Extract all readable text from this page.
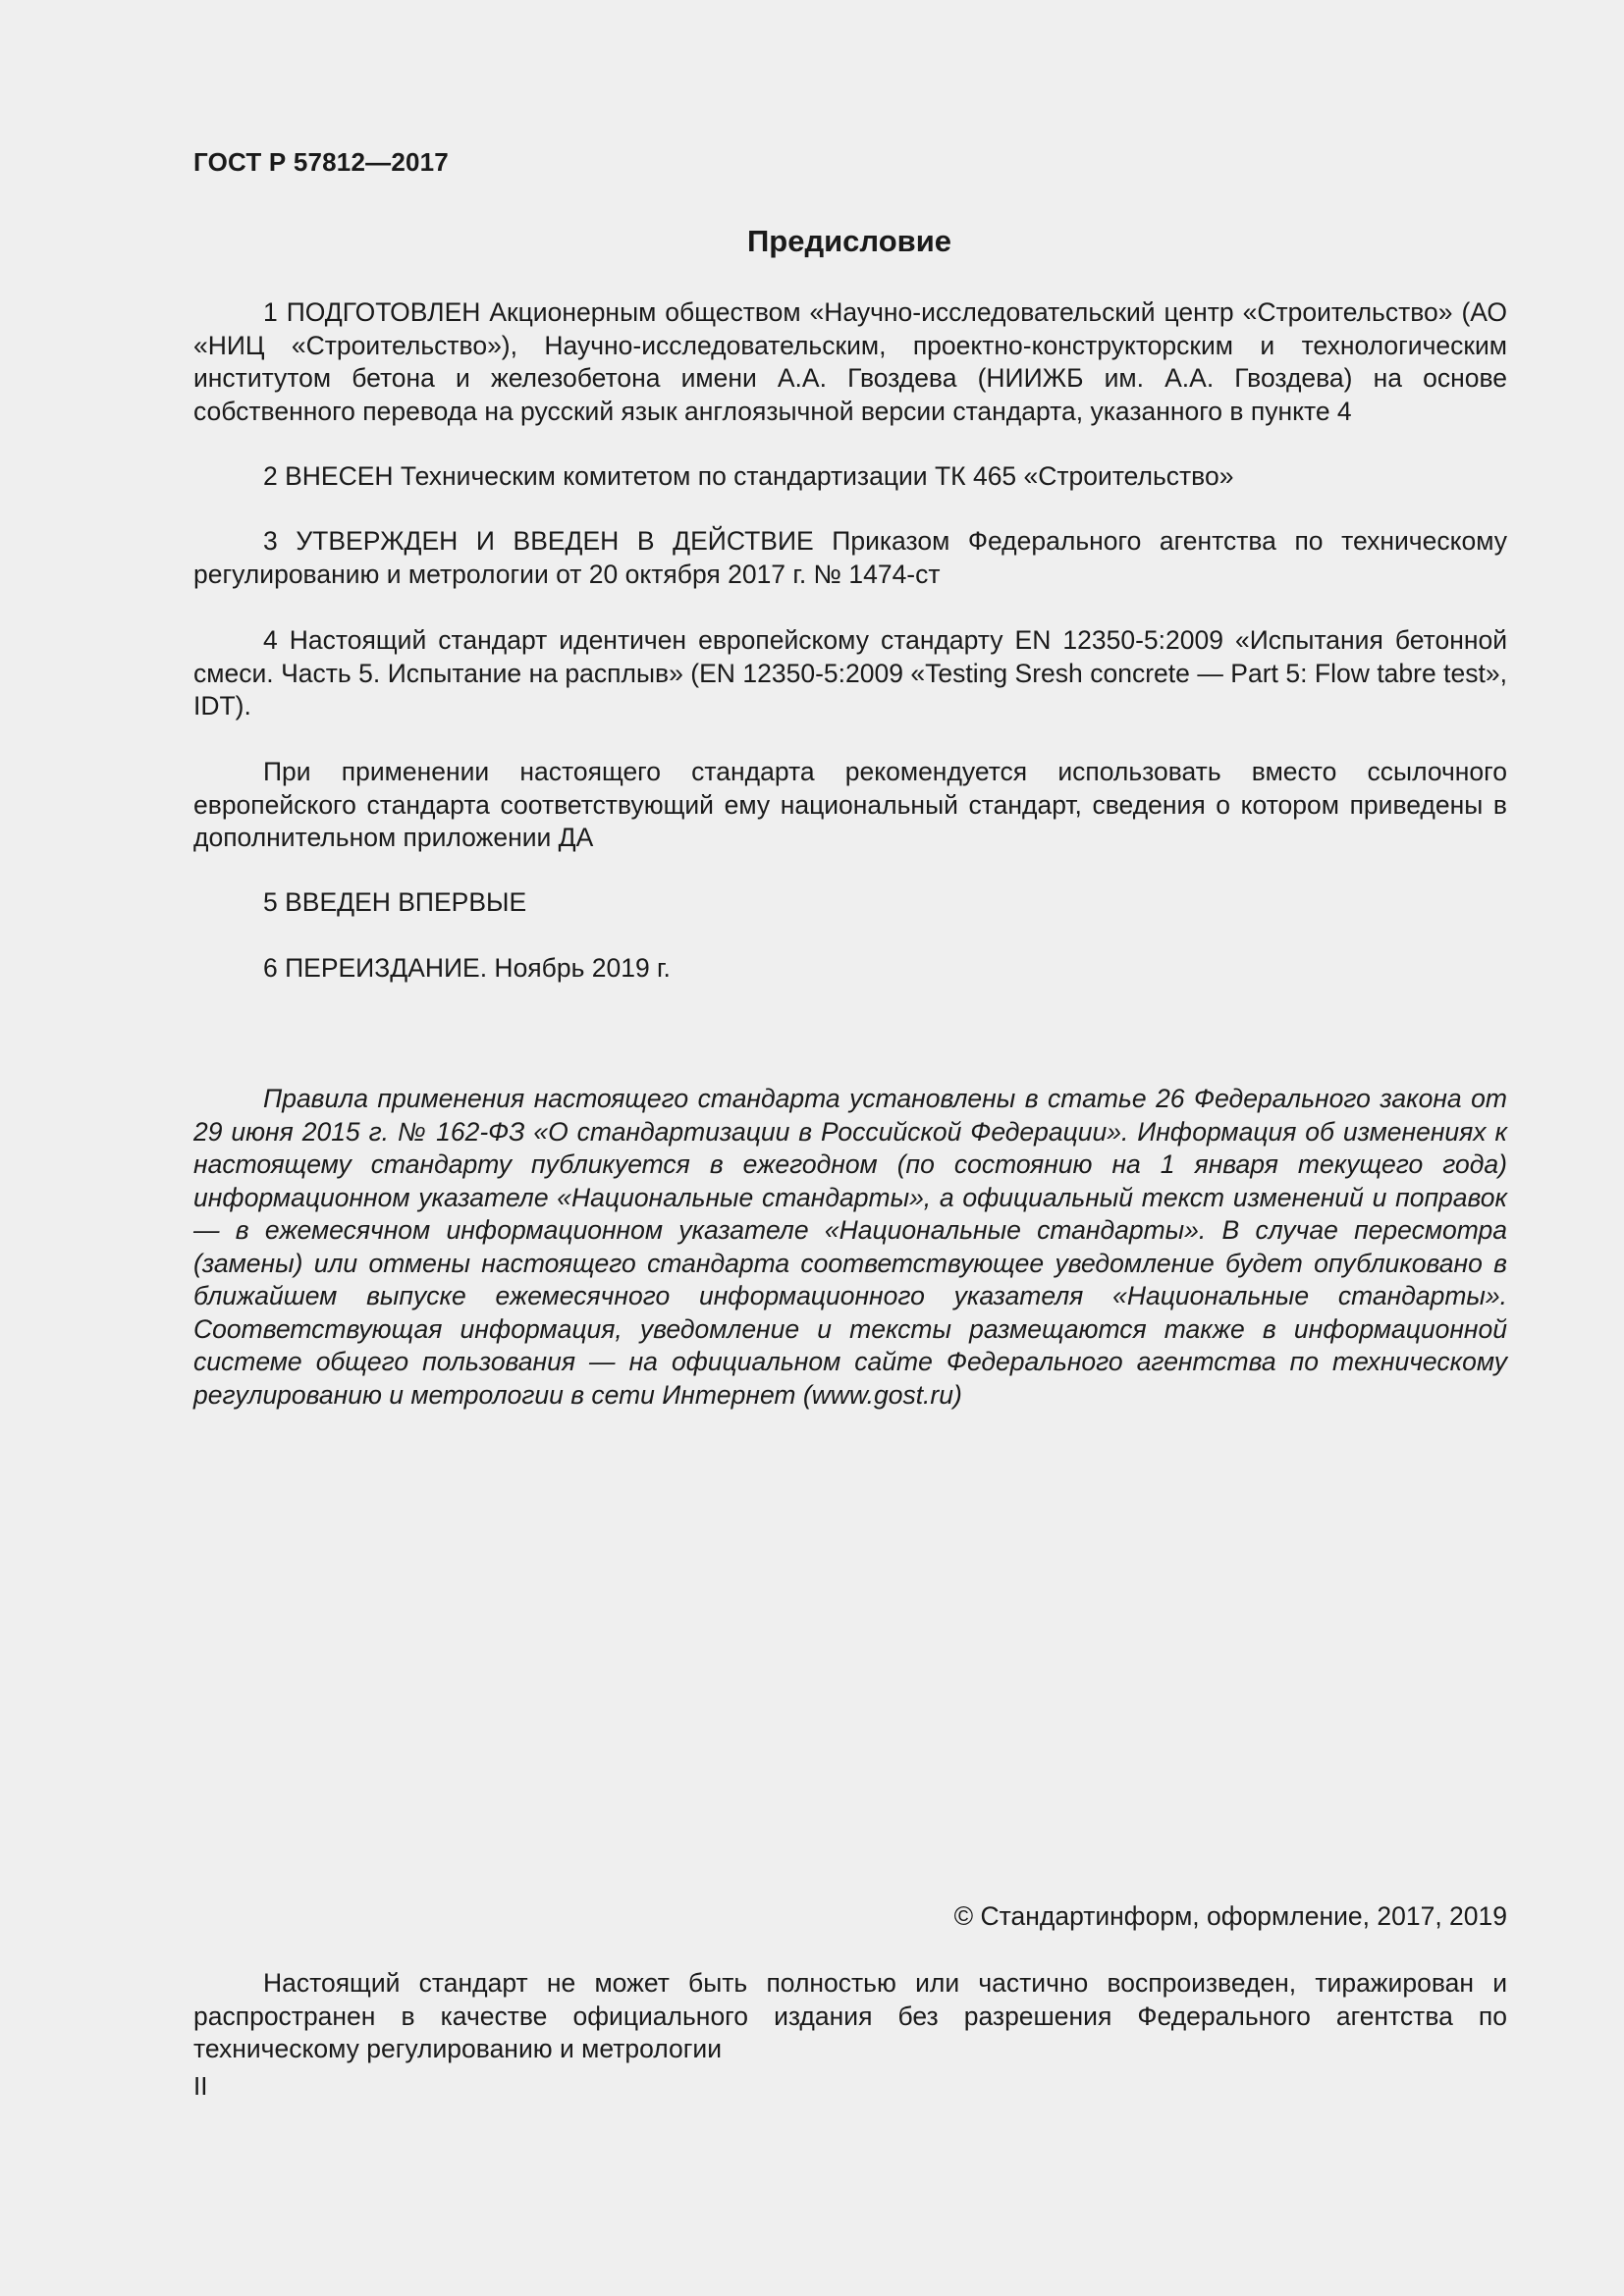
ГОСТ Р 57812—2017
Предисловие

1 ПОДГОТОВЛЕН Акционерным обществом «Научно-исследовательский центр «Строительство» (АО «НИЦ «Строительство»), Научно-исследовательским, проектно-конструкторским и технологическим институтом бетона и железобетона имени А.А. Гвоздева (НИИЖБ им. А.А. Гвоздева) на основе собственного перевода на русский язык англоязычной версии стандарта, указанного в пункте 4

2 ВНЕСЕН Техническим комитетом по стандартизации ТК 465 «Строительство»

3 УТВЕРЖДЕН И ВВЕДЕН В ДЕЙСТВИЕ Приказом Федерального агентства по техническому регулированию и метрологии от 20 октября 2017 г. № 1474-ст

4 Настоящий стандарт идентичен европейскому стандарту EN 12350-5:2009 «Испытания бетонной смеси. Часть 5. Испытание на расплыв» (EN 12350-5:2009 «Testing Sresh concrete — Part 5: Flow tabre test», IDT).

При применении настоящего стандарта рекомендуется использовать вместо ссылочного европейского стандарта соответствующий ему национальный стандарт, сведения о котором приведены в дополнительном приложении ДА

5 ВВЕДЕН ВПЕРВЫЕ

6 ПЕРЕИЗДАНИЕ. Ноябрь 2019 г.

Правила применения настоящего стандарта установлены в статье 26 Федерального закона от 29 июня 2015 г. № 162-ФЗ «О стандартизации в Российской Федерации». Информация об изменениях к настоящему стандарту публикуется в ежегодном (по состоянию на 1 января текущего года) информационном указателе «Национальные стандарты», а официальный текст изменений и поправок — в ежемесячном информационном указателе «Национальные стандарты». В случае пересмотра (замены) или отмены настоящего стандарта соответствующее уведомление будет опубликовано в ближайшем выпуске ежемесячного информационного указателя «Национальные стандарты». Соответствующая информация, уведомление и тексты размещаются также в информационной системе общего пользования — на официальном сайте Федерального агентства по техническому регулированию и метрологии в сети Интернет (www.gost.ru)

© Стандартинформ, оформление, 2017, 2019

Настоящий стандарт не может быть полностью или частично воспроизведен, тиражирован и распространен в качестве официального издания без разрешения Федерального агентства по техническому регулированию и метрологии

II
